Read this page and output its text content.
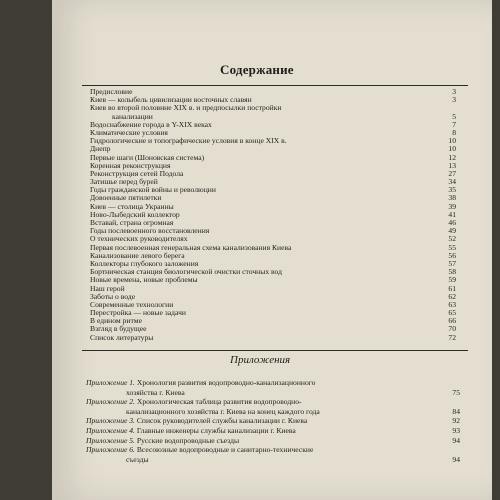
Содержание
Предисловие	3
Киев — колыбель цивилизации восточных славян	3
Киев во второй половине XIX в. и предпосылки постройки
канализации	5
Водоснабжение города в Y-XIX веках	7
Климатические условия	8
Гидрологические и топографические условия в конце XIX в.	10
Днепр	10
Первые шаги (Шоновская система)	12
Коренная реконструкция	13
Реконструкция сетей Подола	27
Затишье перед бурей	34
Годы гражданской войны и революции	35
Довоенные пятилетки	38
Киев — столица Украины	39
Ново-Лыбедский коллектор	41
Вставай, страна огромная	46
Годы послевоенного восстановления	49
О технических руководителях	52
Первая послевоенная генеральная схема канализования Киева	55
Канализование левого берега	56
Коллекторы глубокого заложения	57
Бортническая станция биологической очистки сточных вод	58
Новые времена, новые проблемы	59
Наш герой	61
Заботы о воде	62
Современные технологии	63
Перестройка — новые задачи	65
В едином ритме	66
Взгляд в будущее	70
Список литературы	72
Приложения
Приложение 1. Хронология развития водопроводно-канализационного
хозяйства г. Киева	75
Приложение 2. Хронологическая таблица развития водопроводно-
канализационного хозяйства г. Киева на конец каждого года	84
Приложение 3. Список руководителей службы канализации г. Киева	92
Приложение 4. Главные инженеры службы канализации г. Киева	93
Приложение 5. Русские водопроводные съезды	94
Приложение 6. Всесоюзные водопроводные и санитарно-технические
съезды	94
